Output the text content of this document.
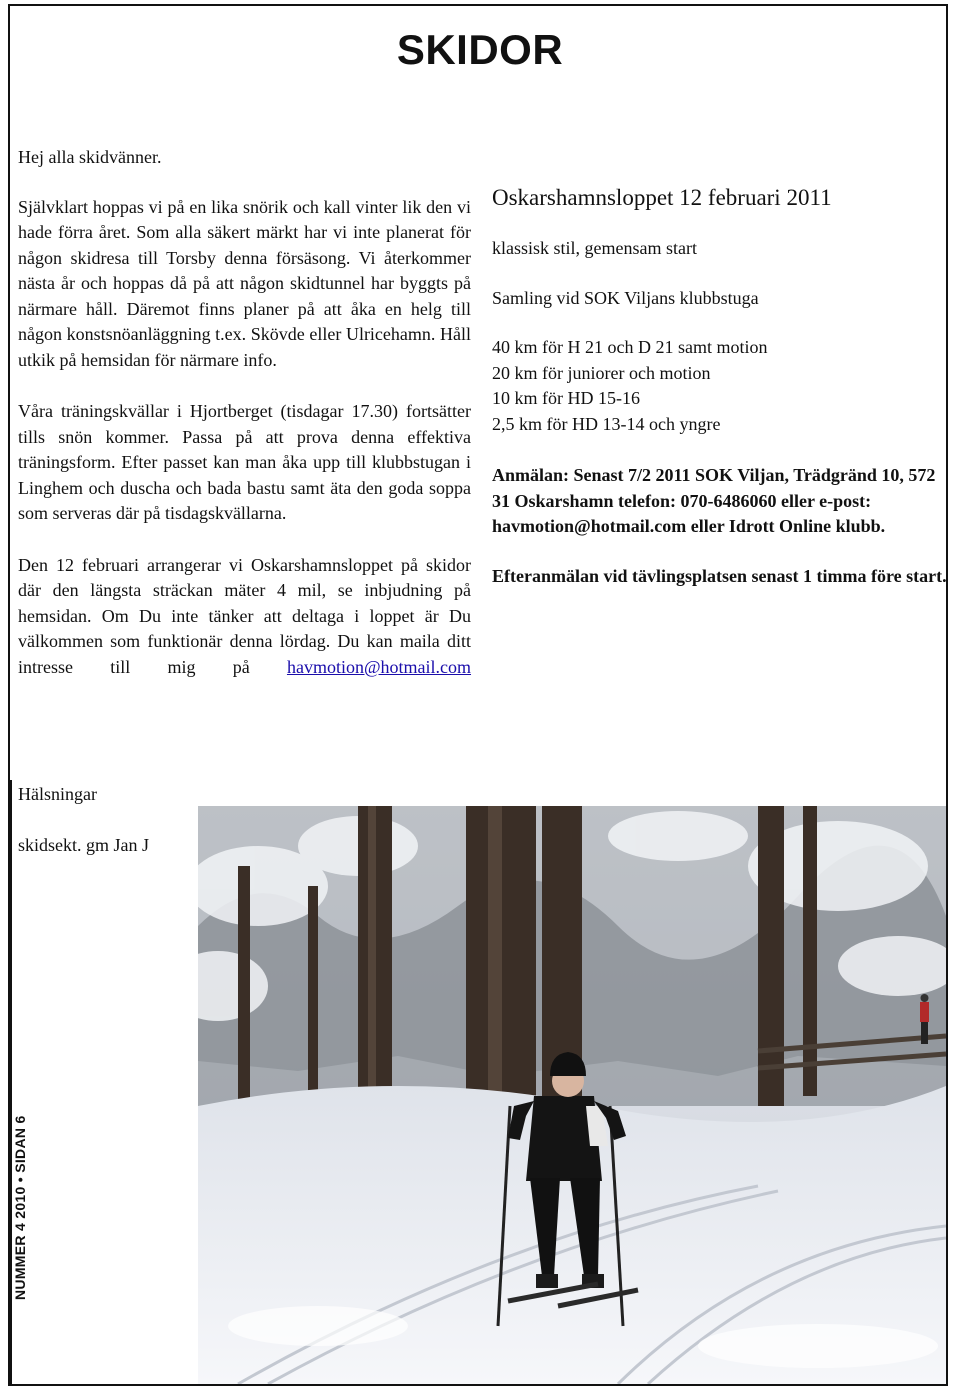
SKIDOR

Hej alla skidvänner.

Självklart hoppas vi på en lika snörik och kall vinter lik den vi hade förra året. Som alla säkert märkt har vi inte planerat för någon skidresa till Torsby denna försäsong. Vi återkommer nästa år och hoppas då på att någon skidtunnel har byggts på närmare håll. Däremot finns planer på att åka en helg till någon konstsnöanläggning t.ex. Skövde eller Ulricehamn. Håll utkik på hemsidan för närmare info.

Våra träningskvällar i Hjortberget (tisdagar 17.30) fortsätter tills snön kommer. Passa på att prova denna effektiva träningsform. Efter passet kan man åka upp till klubbstugan i Linghem och duscha och bada bastu samt äta den goda soppa som serveras där på tisdagskvällarna.

Den 12 februari arrangerar vi Oskarshamnsloppet på skidor där den längsta sträckan mäter 4 mil, se inbjudning på hemsidan. Om Du inte tänker att deltaga i loppet är Du välkommen som funktionär denna lördag. Du kan maila ditt intresse till mig på havmotion@hotmail.com

Hälsningar
skidsekt. gm Jan J

Oskarshamnsloppet 12 februari 2011

klassisk stil, gemensam start

Samling vid SOK Viljans klubbstuga

40 km för H 21 och D 21 samt motion

20 km för juniorer och motion

10 km för HD 15-16

2,5 km för HD 13-14 och yngre

Anmälan: Senast 7/2 2011 SOK Viljan, Trädgränd 10, 572 31 Oskarshamn telefon: 070-6486060 eller e-post: havmotion@hotmail.com eller Idrott Online klubb.

Efteranmälan vid tävlingsplatsen senast 1 timma före start.

NUMMER 4 2010 • SIDAN 6
